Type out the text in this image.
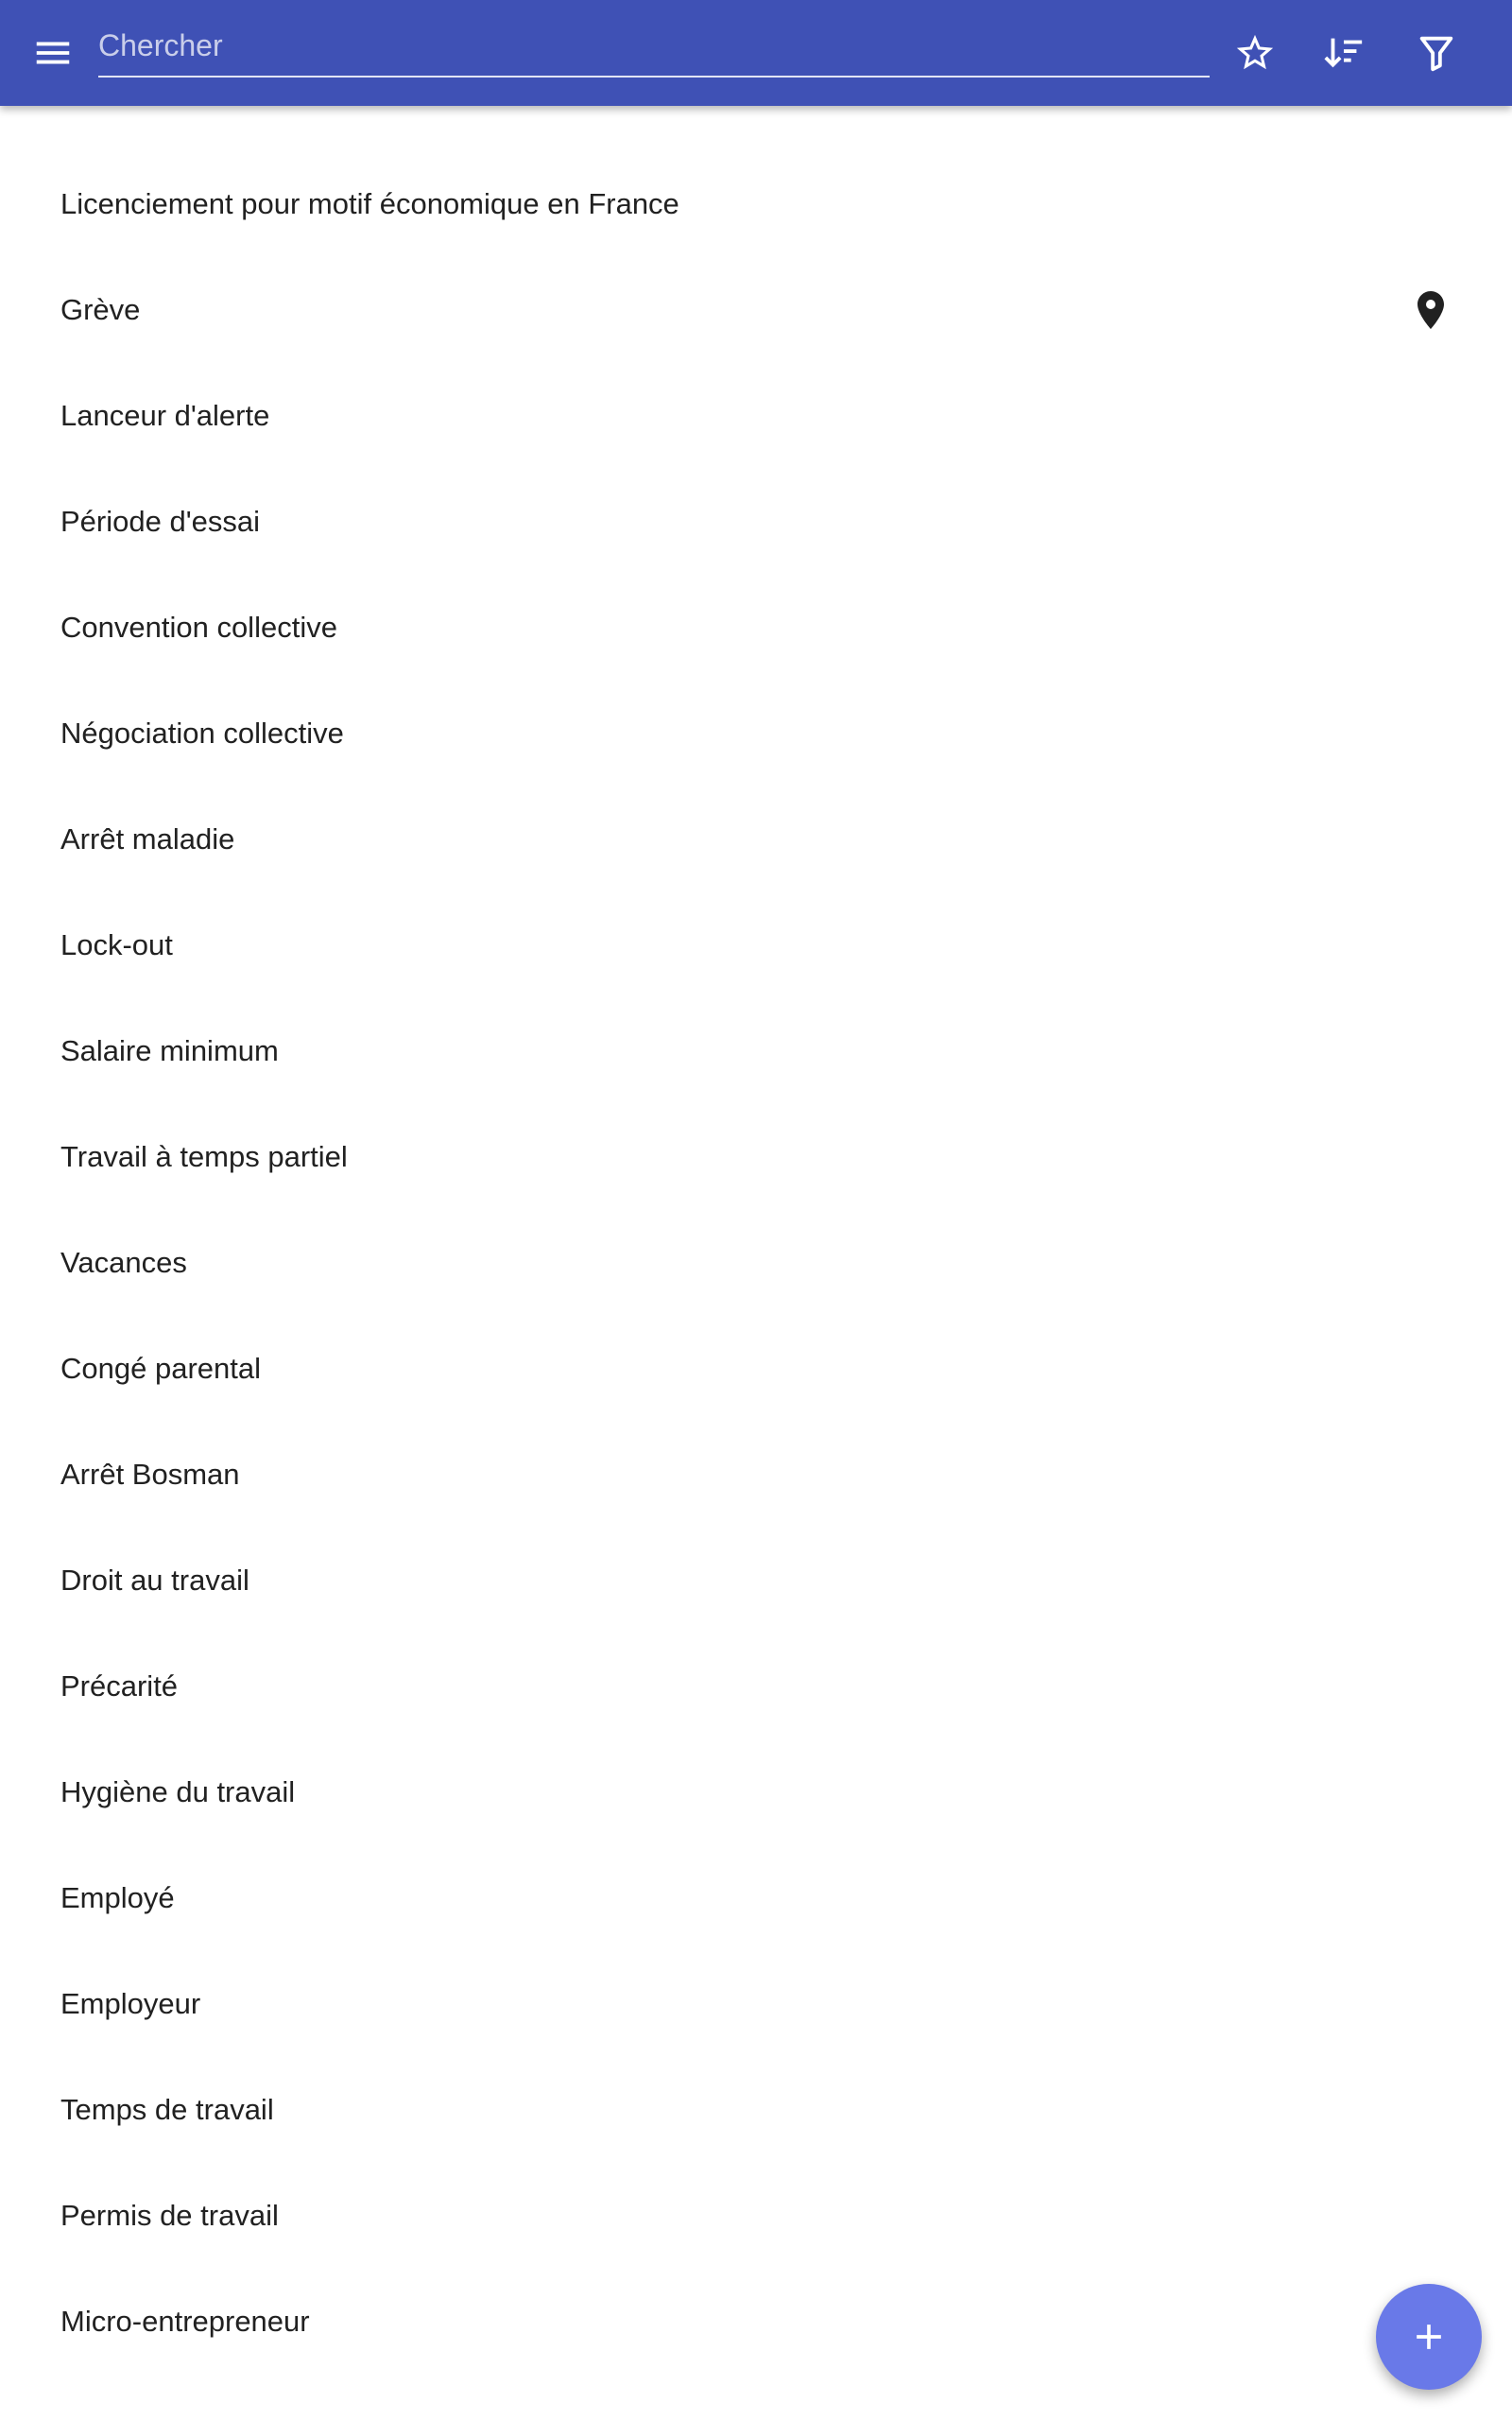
Chercher
Licenciement pour motif économique en France
Grève
Lanceur d'alerte
Période d'essai
Convention collective
Négociation collective
Arrêt maladie
Lock-out
Salaire minimum
Travail à temps partiel
Vacances
Congé parental
Arrêt Bosman
Droit au travail
Précarité
Hygiène du travail
Employé
Employeur
Temps de travail
Permis de travail
Micro-entrepreneur
